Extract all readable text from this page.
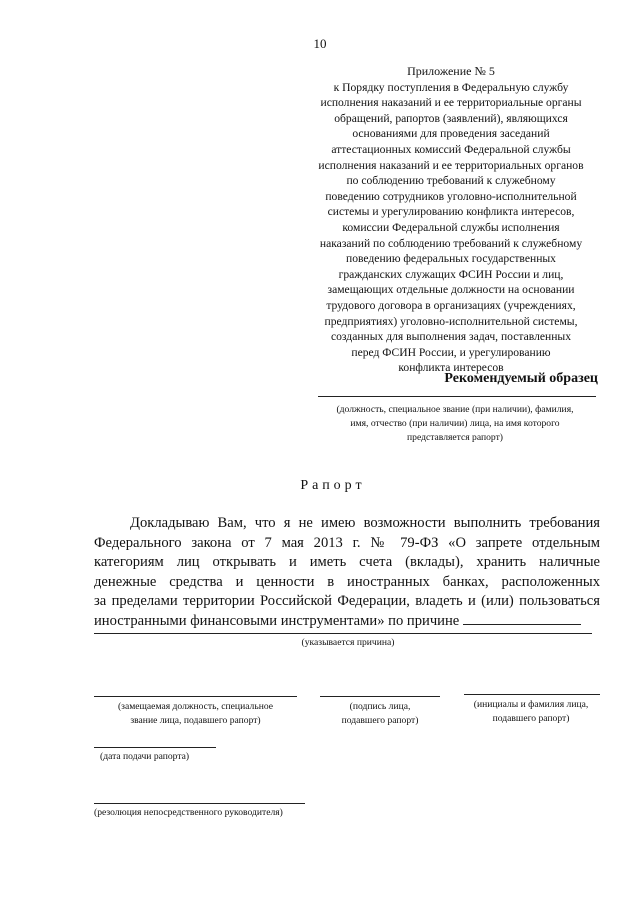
10
Приложение № 5
к Порядку поступления в Федеральную службу
исполнения наказаний и ее территориальные органы
обращений, рапортов (заявлений), являющихся
основаниями для проведения заседаний
аттестационных комиссий Федеральной службы
исполнения наказаний и ее территориальных органов
по соблюдению требований к служебному
поведению сотрудников уголовно-исполнительной
системы и урегулированию конфликта интересов,
комиссии Федеральной службы исполнения
наказаний по соблюдению требований к служебному
поведению федеральных государственных
гражданских служащих ФСИН России и лиц,
замещающих отдельные должности на основании
трудового договора в организациях (учреждениях,
предприятиях) уголовно-исполнительной системы,
созданных для выполнения задач, поставленных
перед ФСИН России, и урегулированию
конфликта интересов
Рекомендуемый образец
(должность, специальное звание (при наличии), фамилия,
имя, отчество (при наличии) лица, на имя которого
представляется рапорт)
Рапорт
Докладываю Вам, что я не имею возможности выполнить требования
Федерального закона от 7 мая 2013 г. № 79-ФЗ «О запрете отдельным
категориям лиц открывать и иметь счета (вклады), хранить наличные
денежные средства и ценности в иностранных банках, расположенных
за пределами территории Российской Федерации, владеть и (или) пользоваться
иностранными финансовыми инструментами» по причине
(указывается причина)
(замещаемая должность, специальное
звание лица, подавшего рапорт)
(подпись лица,
подавшего рапорт)
(инициалы и фамилия лица,
подавшего рапорт)
(дата подачи рапорта)
(резолюция непосредственного руководителя)
